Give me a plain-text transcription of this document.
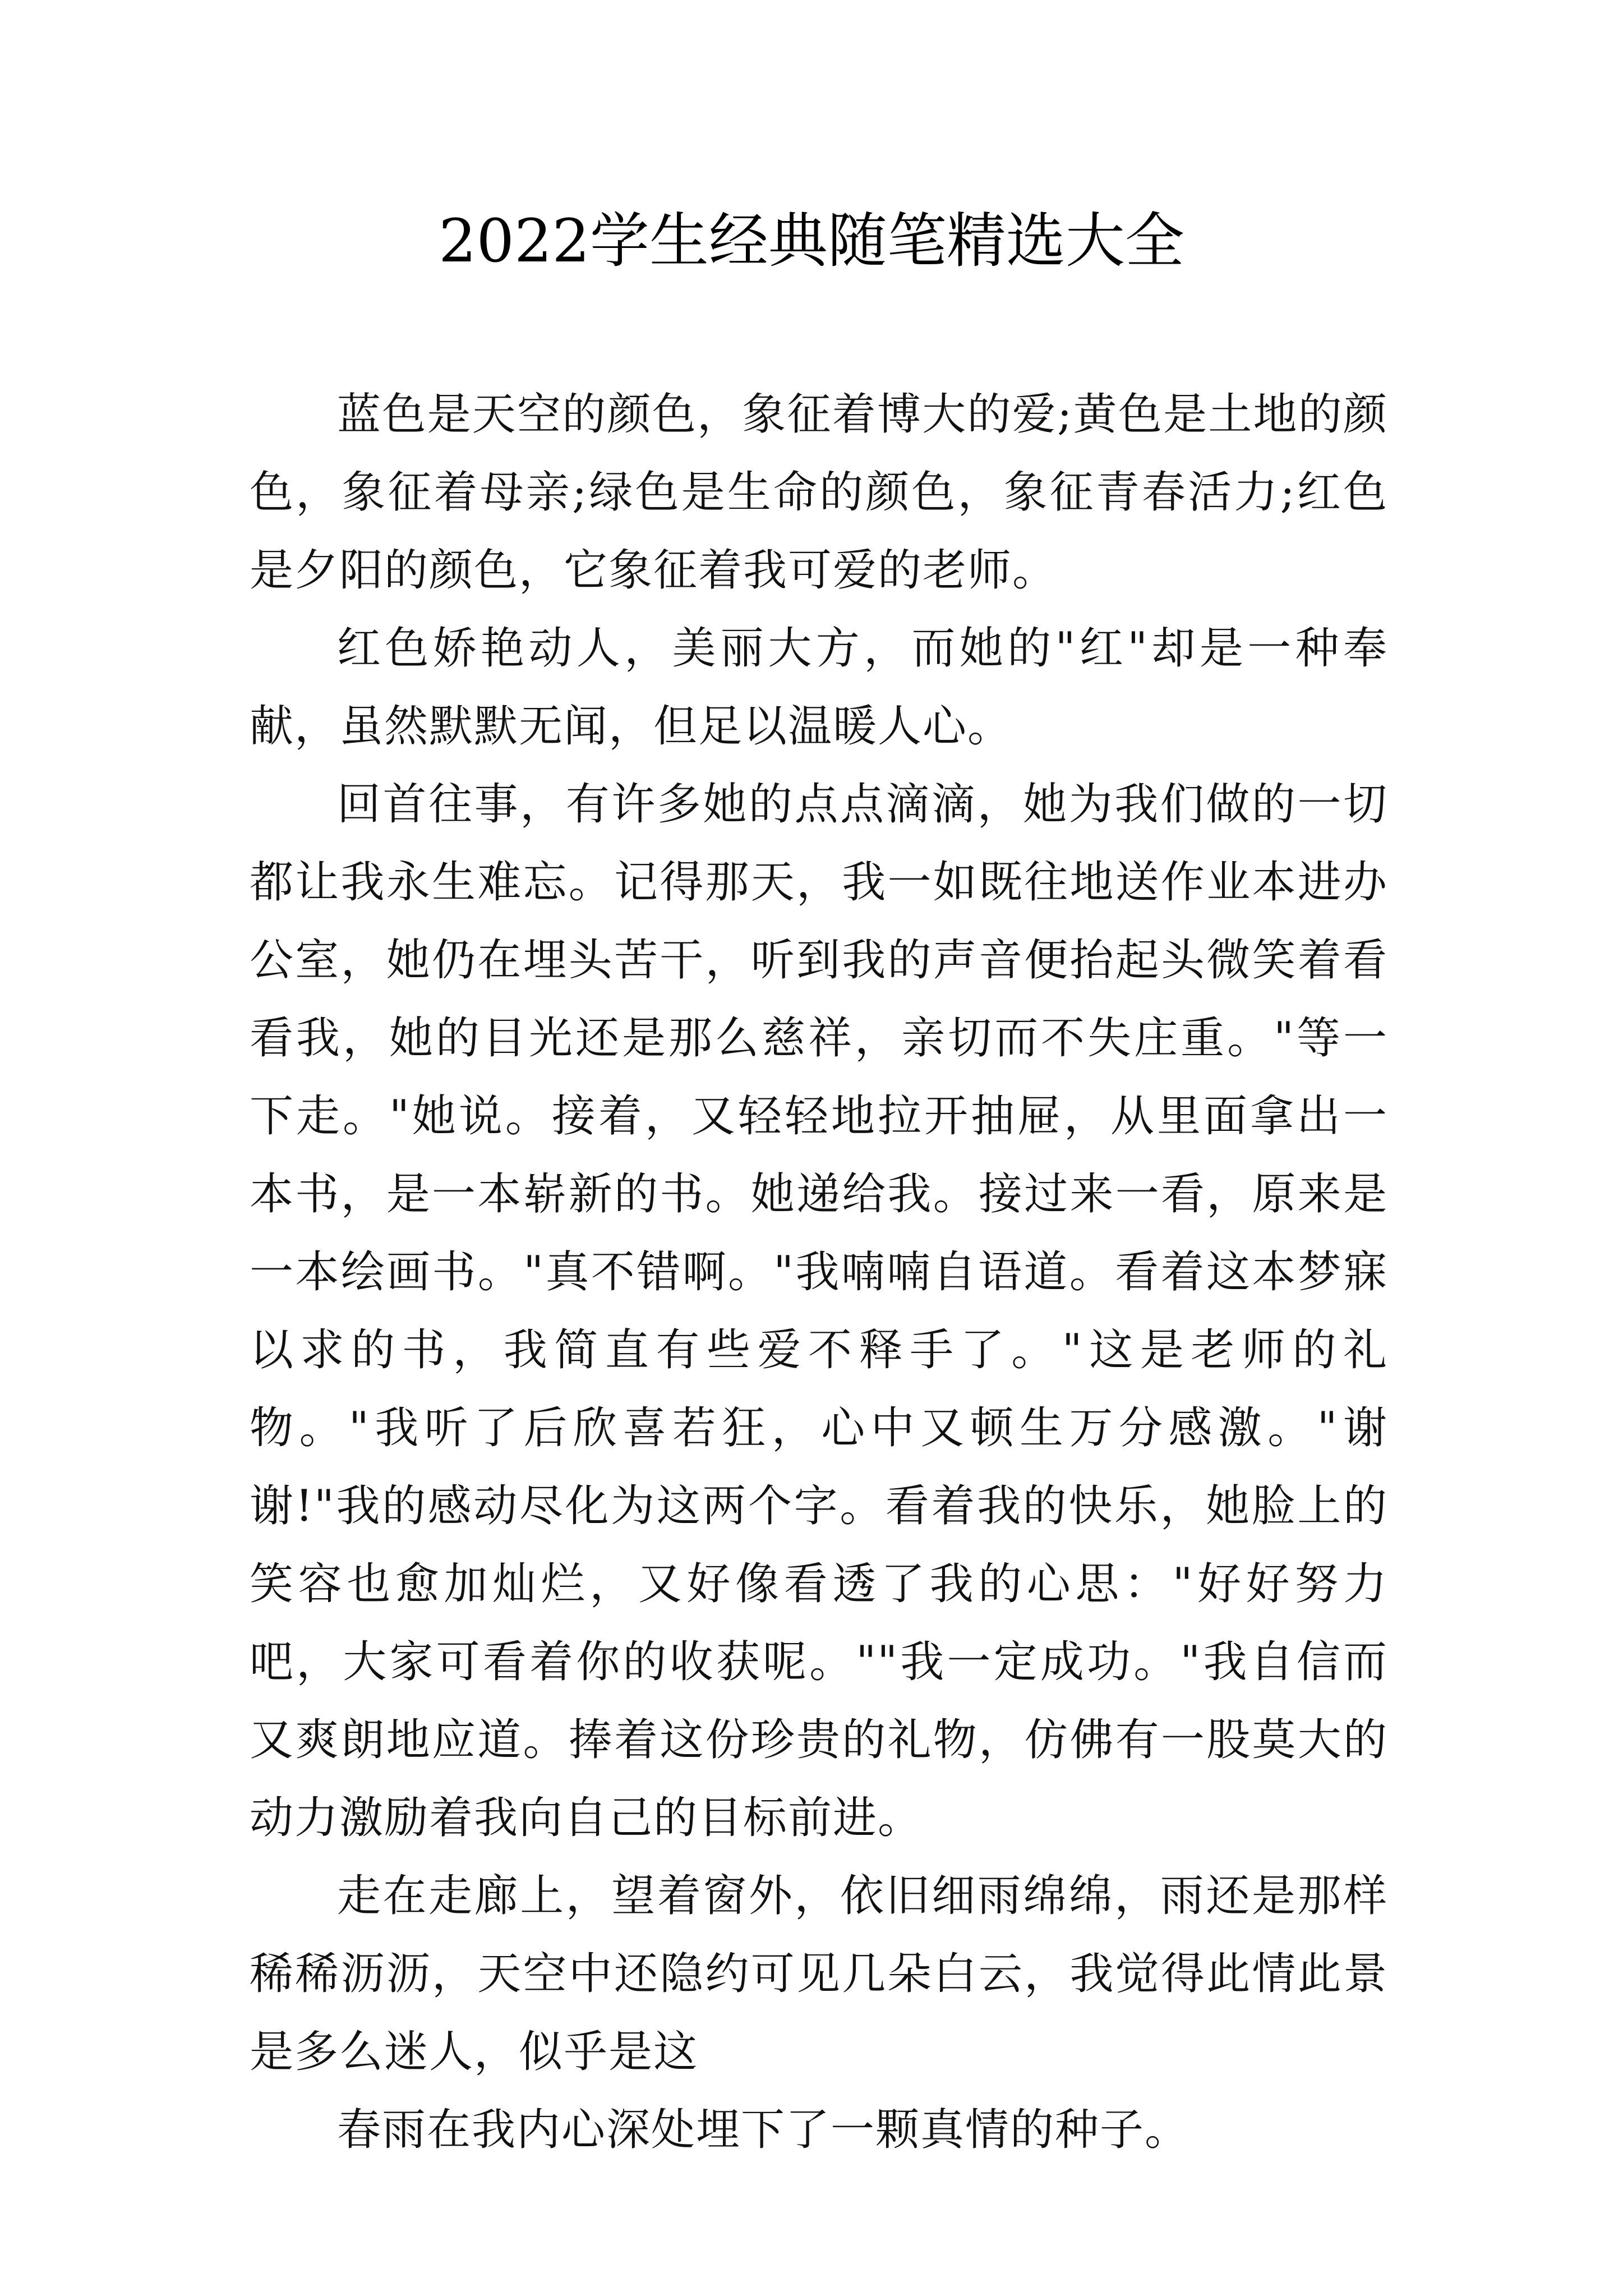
2022学生经典随笔精选大全

蓝色是天空的颜色，象征着博大的爱;黄色是土地的颜色，象征着母亲;绿色是生命的颜色，象征青春活力;红色是夕阳的颜色，它象征着我可爱的老师。

红色娇艳动人，美丽大方，而她的"红"却是一种奉献，虽然默默无闻，但足以温暖人心。

回首往事，有许多她的点点滴滴，她为我们做的一切都让我永生难忘。记得那天，我一如既往地送作业本进办公室，她仍在埋头苦干，听到我的声音便抬起头微笑着看看我，她的目光还是那么慈祥，亲切而不失庄重。"等一下走。"她说。接着，又轻轻地拉开抽屉，从里面拿出一本书，是一本崭新的书。她递给我。接过来一看，原来是一本绘画书。"真不错啊。"我喃喃自语道。看着这本梦寐以求的书，我简直有些爱不释手了。"这是老师的礼物。"我听了后欣喜若狂，心中又顿生万分感激。"谢谢!"我的感动尽化为这两个字。看着我的快乐，她脸上的笑容也愈加灿烂，又好像看透了我的心思："好好努力吧，大家可看着你的收获呢。""我一定成功。"我自信而又爽朗地应道。捧着这份珍贵的礼物，仿佛有一股莫大的动力激励着我向自己的目标前进。

走在走廊上，望着窗外，依旧细雨绵绵，雨还是那样稀稀沥沥，天空中还隐约可见几朵白云，我觉得此情此景是多么迷人，似乎是这

春雨在我内心深处埋下了一颗真情的种子。
